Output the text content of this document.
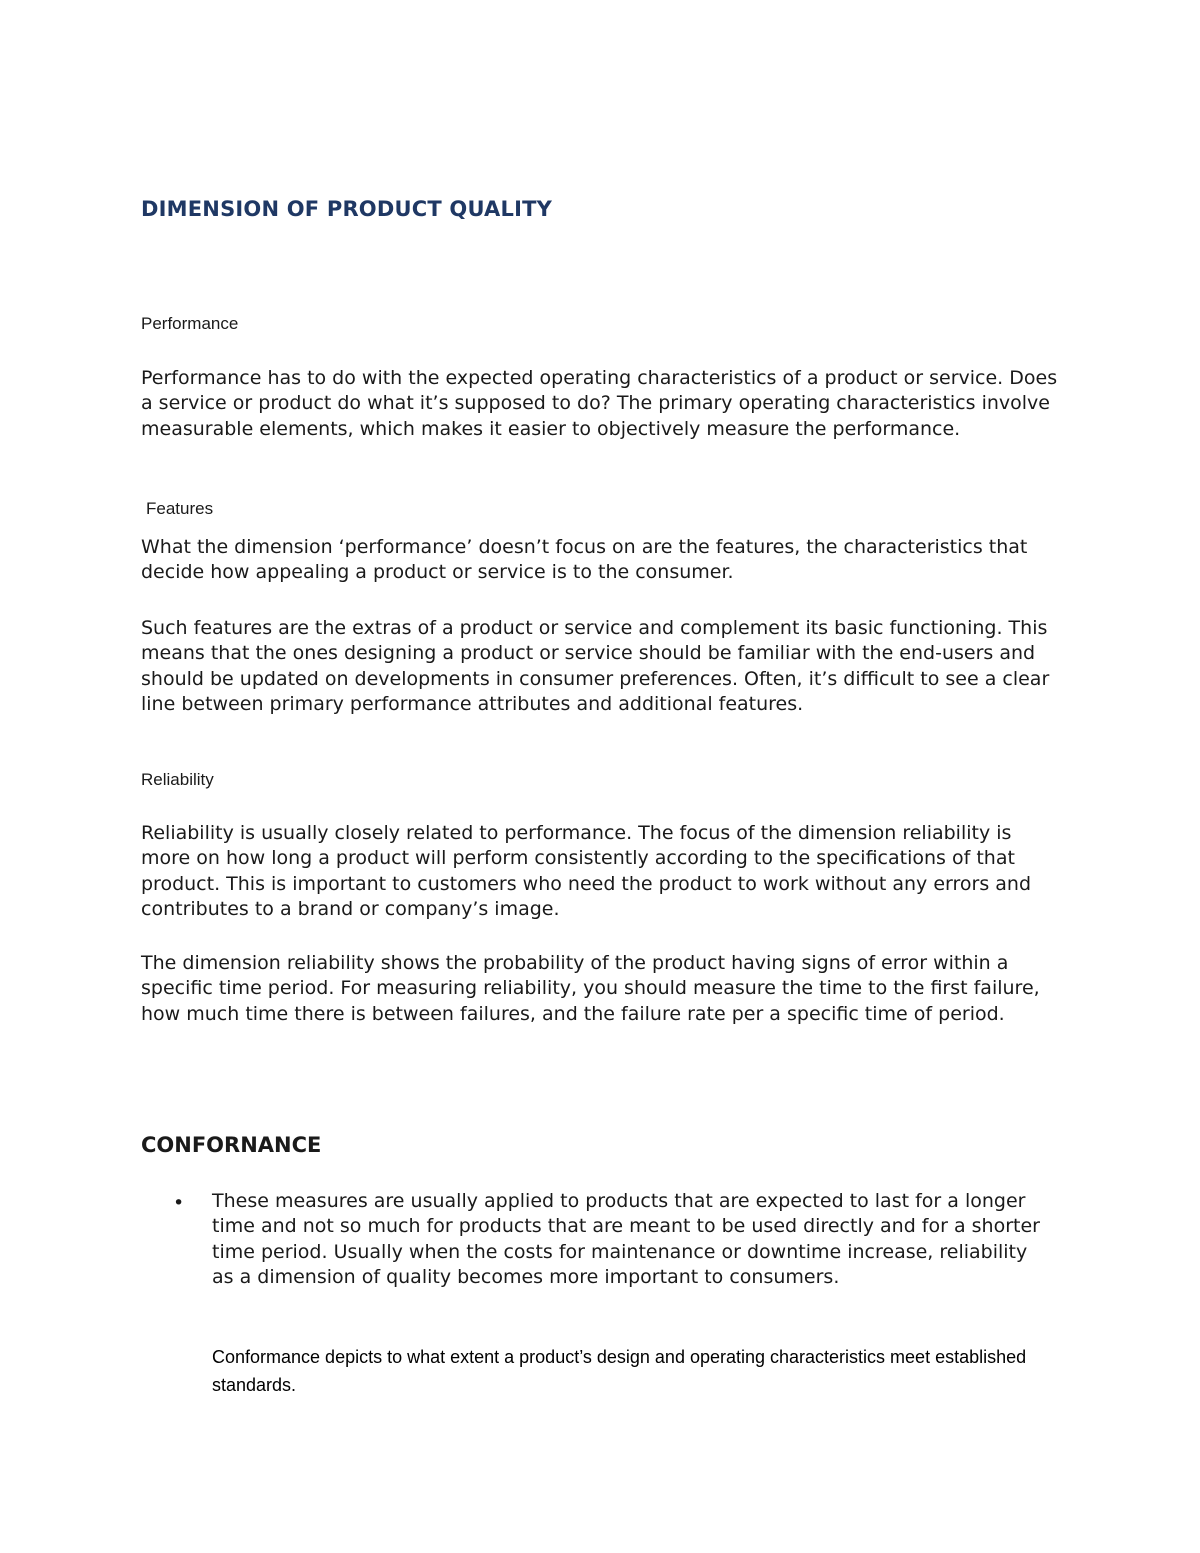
DIMENSION OF PRODUCT QUALITY
Performance

Performance has to do with the expected operating characteristics of a product or service. Does a service or product do what it’s supposed to do? The primary operating characteristics involve measurable elements, which makes it easier to objectively measure the performance.

Features

What the dimension ‘performance’ doesn’t focus on are the features, the characteristics that decide how appealing a product or service is to the consumer.

Such features are the extras of a product or service and complement its basic functioning. This means that the ones designing a product or service should be familiar with the end-users and should be updated on developments in consumer preferences. Often, it’s difficult to see a clear line between primary performance attributes and additional features.

Reliability

Reliability is usually closely related to performance. The focus of the dimension reliability is more on how long a product will perform consistently according to the specifications of that product. This is important to customers who need the product to work without any errors and contributes to a brand or company’s image.

The dimension reliability shows the probability of the product having signs of error within a specific time period. For measuring reliability, you should measure the time to the first failure, how much time there is between failures, and the failure rate per a specific time of period.

CONFORNANCE
• These measures are usually applied to products that are expected to last for a longer time and not so much for products that are meant to be used directly and for a shorter time period. Usually when the costs for maintenance or downtime increase, reliability as a dimension of quality becomes more important to consumers.

Conformance depicts to what extent a product’s design and operating characteristics meet established standards.
